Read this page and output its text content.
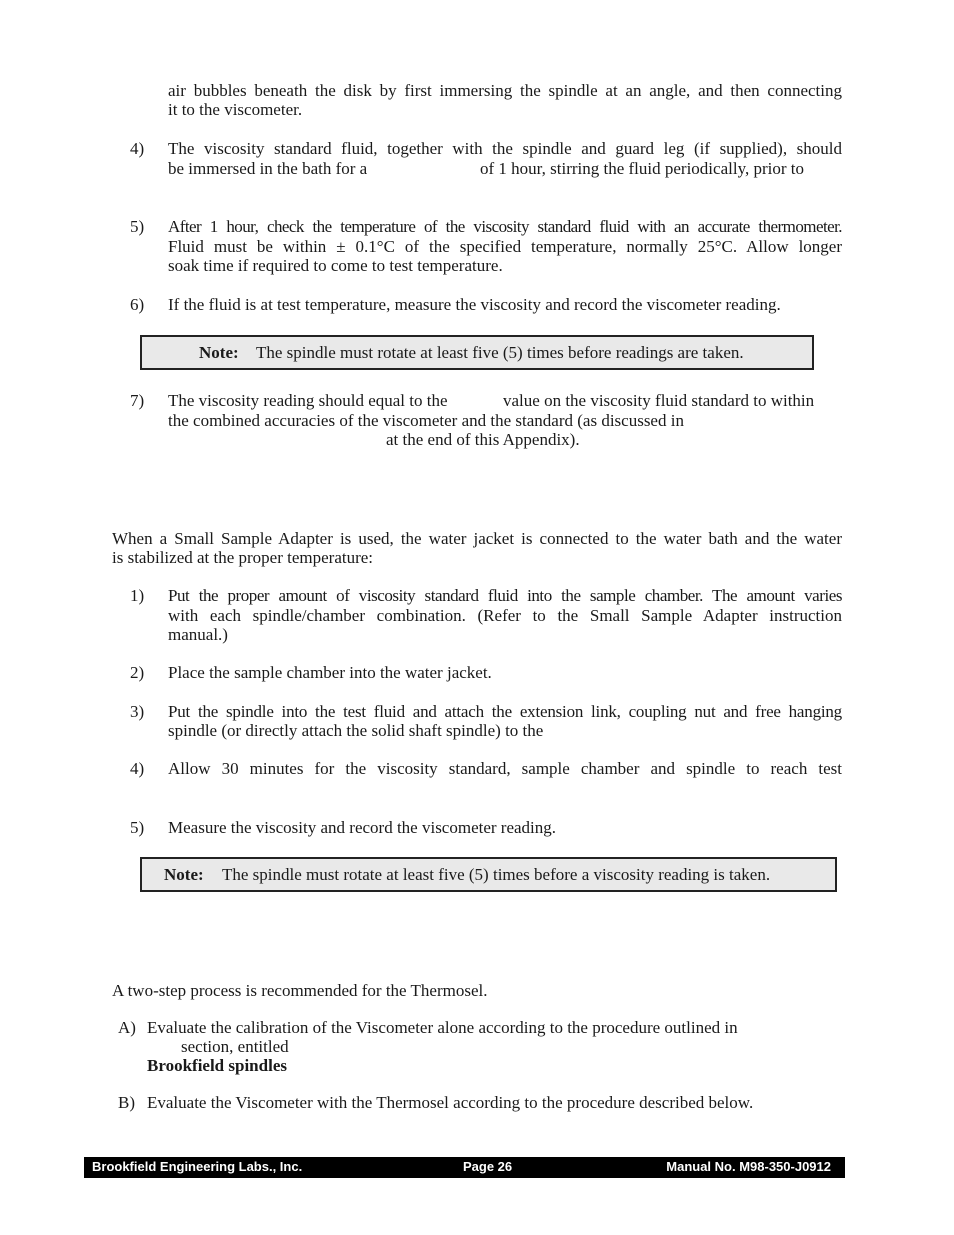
air bubbles beneath the disk by first immersing the spindle at an angle, and then connecting
it to the viscometer.
4) The viscosity standard fluid, together with the spindle and guard leg (if supplied), should
be immersed in the bath for a	of 1 hour, stirring the fluid periodically, prior to
5) After 1 hour, check the temperature of the viscosity standard fluid with an accurate thermometer.
Fluid must be within ± 0.1°C of the specified temperature, normally 25°C. Allow longer
soak time if required to come to test temperature.
6) If the fluid is at test temperature, measure the viscosity and record the viscometer reading.
Note: The spindle must rotate at least five (5) times before readings are taken.
7) The viscosity reading should equal to the	value on the viscosity fluid standard to within
the combined accuracies of the viscometer and the standard (as discussed in
at the end of this Appendix).
When a Small Sample Adapter is used, the water jacket is connected to the water bath and the water
is stabilized at the proper temperature:
1) Put the proper amount of viscosity standard fluid into the sample chamber. The amount varies
with each spindle/chamber combination. (Refer to the Small Sample Adapter instruction
manual.)
2) Place the sample chamber into the water jacket.
3) Put the spindle into the test fluid and attach the extension link, coupling nut and free hanging
spindle (or directly attach the solid shaft spindle) to the
4) Allow 30 minutes for the viscosity standard, sample chamber and spindle to reach test
5) Measure the viscosity and record the viscometer reading.
Note: The spindle must rotate at least five (5) times before a viscosity reading is taken.
A two-step process is recommended for the Thermosel.
A) Evaluate the calibration of the Viscometer alone according to the procedure outlined in
section, entitled
Brookfield spindles
B) Evaluate the Viscometer with the Thermosel according to the procedure described below.
Brookfield Engineering Labs., Inc.	Page 26	Manual No. M98-350-J0912
